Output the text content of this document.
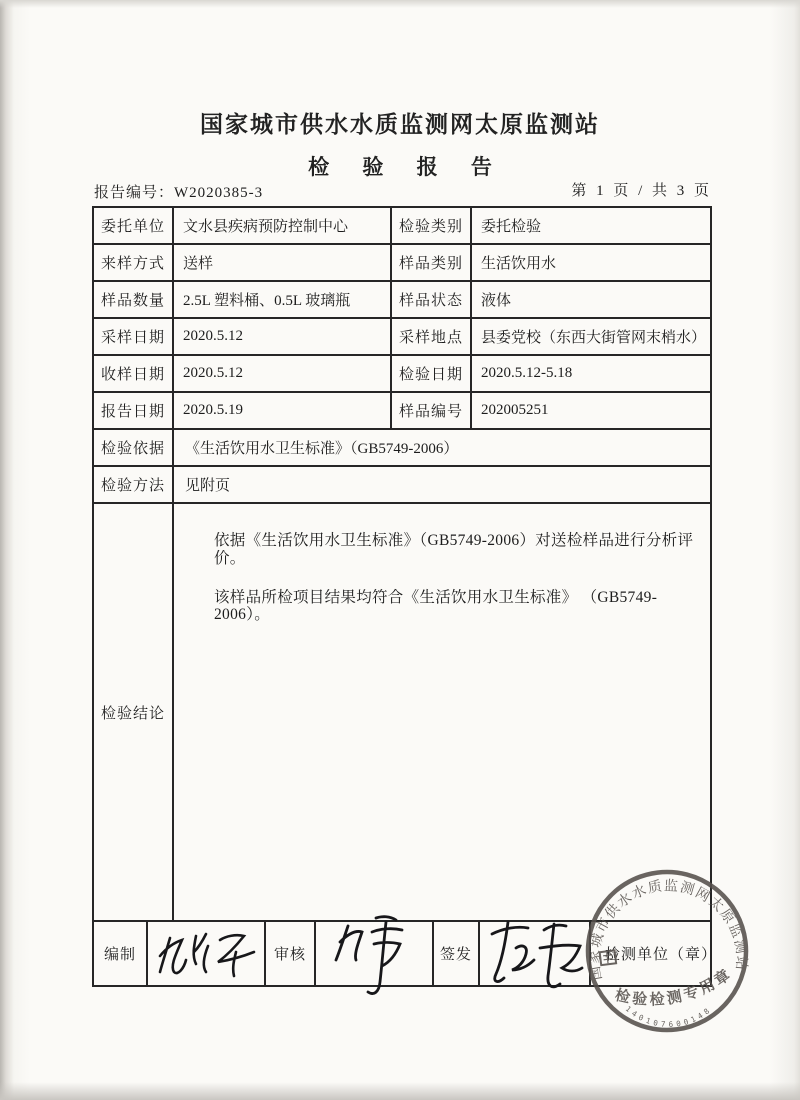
国家城市供水水质监测网太原监测站
检 验 报 告
报告编号：W2020385-3	第 1 页 / 共 3 页
委托单位	文水县疾病预防控制中心	检验类别	委托检验
来样方式	送样	样品类别	生活饮用水
样品数量	2.5L 塑料桶、0.5L 玻璃瓶	样品状态	液体
采样日期	2020.5.12	采样地点	县委党校（东西大街管网末梢水）
收样日期	2020.5.12	检验日期	2020.5.12-5.18
报告日期	2020.5.19	样品编号	202005251
检验依据	《生活饮用水卫生标准》（GB5749-2006）
检验方法	见附页
检验结论

依据《生活饮用水卫生标准》（GB5749-2006）对送检样品进行分析评价。

该样品所检项目结果均符合《生活饮用水卫生标准》 （GB5749-2006）。

编制	审核	签发	检测单位（章）
国家城市供水水质监测网太原监测站
检验检测专用章
140107600148
